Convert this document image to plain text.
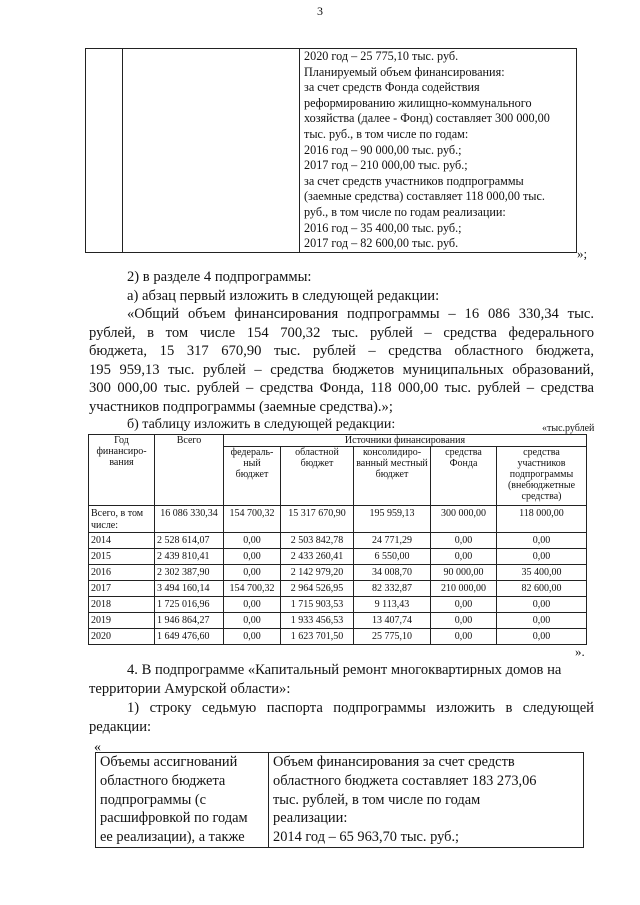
3

2020 год – 25 775,10 тыс. руб.
Планируемый объем финансирования:
за счет средств Фонда содействия
реформированию жилищно-коммунального
хозяйства (далее - Фонд) составляет 300 000,00
тыс. руб., в том числе по годам:
2016 год – 90 000,00 тыс. руб.;
2017 год – 210 000,00 тыс. руб.;
за счет средств участников подпрограммы
(заемные средства) составляет 118 000,00 тыс.
руб., в том числе по годам реализации:
2016 год – 35 400,00 тыс. руб.;
2017 год – 82 600,00 тыс. руб.
»;
2) в разделе 4 подпрограммы:
а) абзац первый изложить в следующей редакции:
«Общий объем финансирования подпрограммы – 16 086 330,34 тыс.
рублей, в том числе 154 700,32 тыс. рублей – средства федерального
бюджета, 15 317 670,90 тыс. рублей – средства областного бюджета,
195 959,13 тыс. рублей – средства бюджетов муниципальных образований,
300 000,00 тыс. рублей – средства Фонда, 118 000,00 тыс. рублей – средства
участников подпрограммы (заемные средства).»;
б) таблицу изложить в следующей редакции:	«тыс.рублей
Год финансиро-вания	Всего	Источники финансирования				
		федераль-ный бюджет	областной бюджет	консолидиро-ванный местный бюджет	средства Фонда	средства участников подпрограммы (внебюджетные средства)
Всего, в том числе:	16 086 330,34	154 700,32	15 317 670,90	195 959,13	300 000,00	118 000,00
2014	2 528 614,07	0,00	2 503 842,78	24 771,29	0,00	0,00
2015	2 439 810,41	0,00	2 433 260,41	6 550,00	0,00	0,00
2016	2 302 387,90	0,00	2 142 979,20	34 008,70	90 000,00	35 400,00
2017	3 494 160,14	154 700,32	2 964 526,95	82 332,87	210 000,00	82 600,00
2018	1 725 016,96	0,00	1 715 903,53	9 113,43	0,00	0,00
2019	1 946 864,27	0,00	1 933 456,53	13 407,74	0,00	0,00
2020	1 649 476,60	0,00	1 623 701,50	25 775,10	0,00	0,00
».
4. В подпрограмме «Капитальный ремонт многоквартирных домов на
территории Амурской области»:
1) строку седьмую паспорта подпрограммы изложить в следующей
редакции:
«
Объемы ассигнований
областного бюджета
подпрограммы (с
расшифровкой по годам
ее реализации), а также

Объем финансирования за счет средств
областного бюджета составляет 183 273,06
тыс. рублей, в том числе по годам
реализации:
2014 год – 65 963,70 тыс. руб.;
